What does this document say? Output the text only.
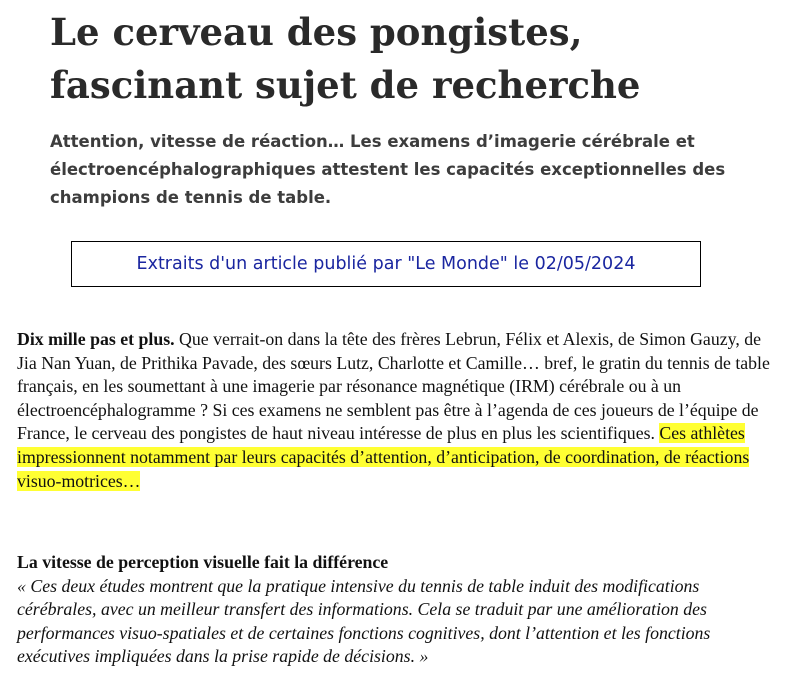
Le cerveau des pongistes, fascinant sujet de recherche

Attention, vitesse de réaction… Les examens d’imagerie cérébrale et électroencéphalographiques attestent les capacités exceptionnelles des champions de tennis de table.

Extraits d'un article publié par "Le Monde" le 02/05/2024

Dix mille pas et plus. Que verrait-on dans la tête des frères Lebrun, Félix et Alexis, de Simon Gauzy, de Jia Nan Yuan, de Prithika Pavade, des sœurs Lutz, Charlotte et Camille… bref, le gratin du tennis de table français, en les soumettant à une imagerie par résonance magnétique (IRM) cérébrale ou à un électroencéphalogramme ? Si ces examens ne semblent pas être à l’agenda de ces joueurs de l’équipe de France, le cerveau des pongistes de haut niveau intéresse de plus en plus les scientifiques. Ces athlètes impressionnent notamment par leurs capacités d’attention, d’anticipation, de coordination, de réactions visuo-motrices…

La vitesse de perception visuelle fait la différence
« Ces deux études montrent que la pratique intensive du tennis de table induit des modifications cérébrales, avec un meilleur transfert des informations. Cela se traduit par une amélioration des performances visuo-spatiales et de certaines fonctions cognitives, dont l’attention et les fonctions exécutives impliquées dans la prise rapide de décisions. »
